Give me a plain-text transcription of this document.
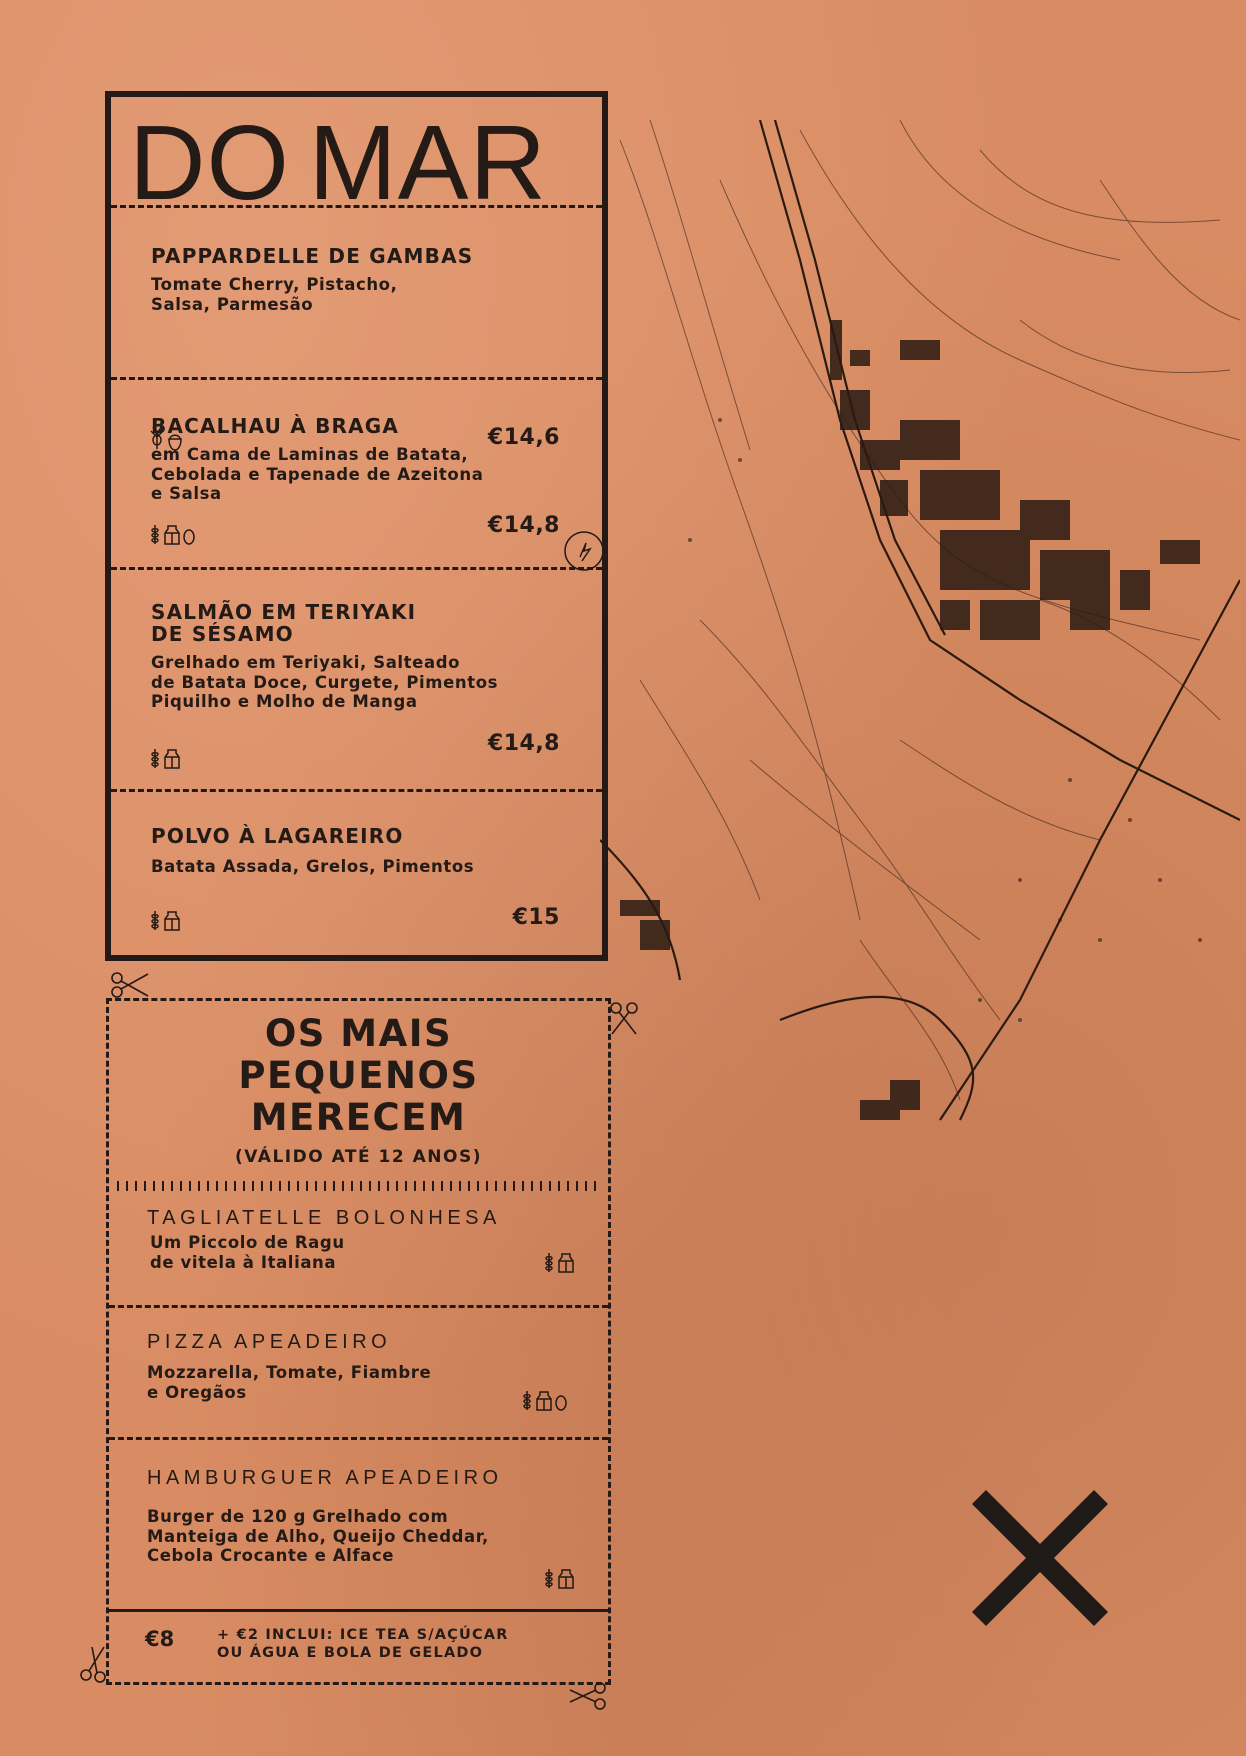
DO MAR
PAPPARDELLE DE GAMBAS

Tomate Cherry, Pistacho,
Salsa, Parmesão

€14,6

BACALHAU À BRAGA

em Cama de Laminas de Batata,
Cebolada e Tapenade de Azeitona
e Salsa

€14,8

SALMÃO EM TERIYAKI
DE SÉSAMO

Grelhado em Teriyaki, Salteado
de Batata Doce, Curgete, Pimentos
Piquilho e Molho de Manga

€14,8

POLVO À LAGAREIRO

Batata Assada, Grelos, Pimentos

€15

OS MAIS
PEQUENOS
MERECEM

(VÁLIDO ATÉ 12 ANOS)

TAGLIATELLE BOLONHESA

Um Piccolo de Ragu
de vitela à Italiana

PIZZA APEADEIRO

Mozzarella, Tomate, Fiambre
e Oregãos

HAMBURGUER APEADEIRO

Burger de 120 g Grelhado com
Manteiga de Alho, Queijo Cheddar,
Cebola Crocante e Alface

€8	+ €2 INCLUI: ICE TEA S/AÇÚCAR
OU ÁGUA E BOLA DE GELADO
